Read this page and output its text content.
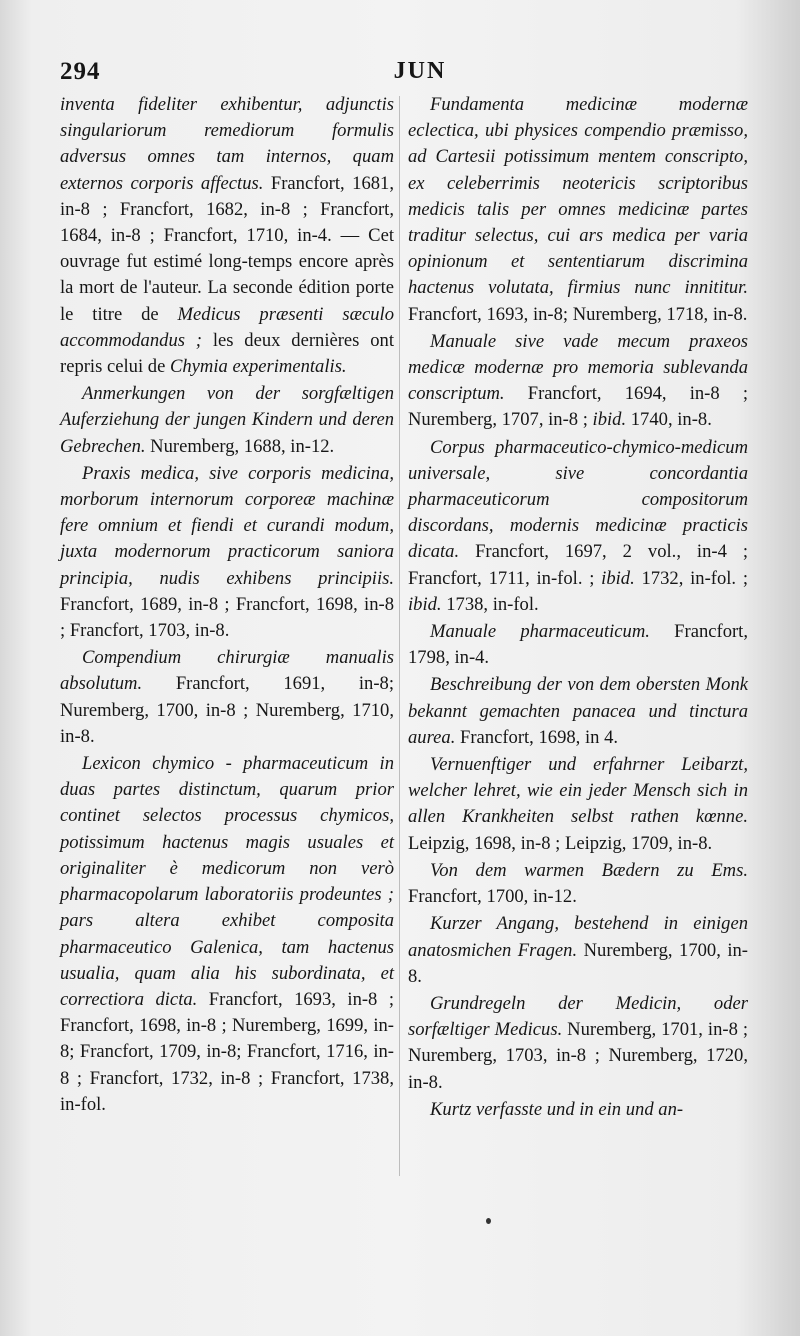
294	JUN

inventa fideliter exhibentur, adjunctis singulariorum remediorum formulis adversus omnes tam internos, quam externos corporis affectus. Francfort, 1681, in-8 ; Francfort, 1682, in-8 ; Francfort, 1684, in-8 ; Francfort, 1710, in-4. — Cet ouvrage fut estimé long-temps encore après la mort de l'auteur. La seconde édition porte le titre de Medicus præsenti sæculo accommodandus ; les deux dernières ont repris celui de Chymia experimentalis.

Anmerkungen von der sorgfæltigen Auferziehung der jungen Kindern und deren Gebrechen. Nuremberg, 1688, in-12.

Praxis medica, sive corporis medicina, morborum internorum corporeæ machinæ fere omnium et fiendi et curandi modum, juxta modernorum practicorum saniora principia, nudis exhibens principiis. Francfort, 1689, in-8 ; Francfort, 1698, in-8 ; Francfort, 1703, in-8.

Compendium chirurgiæ manualis absolutum. Francfort, 1691, in-8; Nuremberg, 1700, in-8 ; Nuremberg, 1710, in-8.

Lexicon chymico - pharmaceuticum in duas partes distinctum, quarum prior continet selectos processus chymicos, potissimum hactenus magis usuales et originaliter è medicorum non verò pharmacopolarum laboratoriis prodeuntes ; pars altera exhibet composita pharmaceutico Galenica, tam hactenus usualia, quam alia his subordinata, et correctiora dicta. Francfort, 1693, in-8 ; Francfort, 1698, in-8 ; Nuremberg, 1699, in-8; Francfort, 1709, in-8; Francfort, 1716, in-8 ; Francfort, 1732, in-8 ; Francfort, 1738, in-fol.

Fundamenta medicinæ modernæ eclectica, ubi physices compendio præmisso, ad Cartesii potissimum mentem conscripto, ex celeberrimis neotericis scriptoribus medicis talis per omnes medicinæ partes traditur selectus, cui ars medica per varia opinionum et sententiarum discrimina hactenus volutata, firmius nunc innititur. Francfort, 1693, in-8; Nuremberg, 1718, in-8.

Manuale sive vade mecum praxeos medicæ modernæ pro memoria sublevanda conscriptum. Francfort, 1694, in-8 ; Nuremberg, 1707, in-8 ; ibid. 1740, in-8.

Corpus pharmaceutico-chymico-medicum universale, sive concordantia pharmaceuticorum compositorum discordans, modernis medicinæ practicis dicata. Francfort, 1697, 2 vol., in-4 ; Francfort, 1711, in-fol. ; ibid. 1732, in-fol. ; ibid. 1738, in-fol.

Manuale pharmaceuticum. Francfort, 1798, in-4.

Beschreibung der von dem obersten Monk bekannt gemachten panacea und tinctura aurea. Francfort, 1698, in 4.

Vernuenftiger und erfahrner Leibarzt, welcher lehret, wie ein jeder Mensch sich in allen Krankheiten selbst rathen kœnne. Leipzig, 1698, in-8 ; Leipzig, 1709, in-8.

Von dem warmen Bædern zu Ems. Francfort, 1700, in-12.

Kurzer Angang, bestehend in einigen anatosmichen Fragen. Nuremberg, 1700, in-8.

Grundregeln der Medicin, oder sorfæltiger Medicus. Nuremberg, 1701, in-8 ; Nuremberg, 1703, in-8 ; Nuremberg, 1720, in-8.

Kurtz verfasste und in ein und an-
